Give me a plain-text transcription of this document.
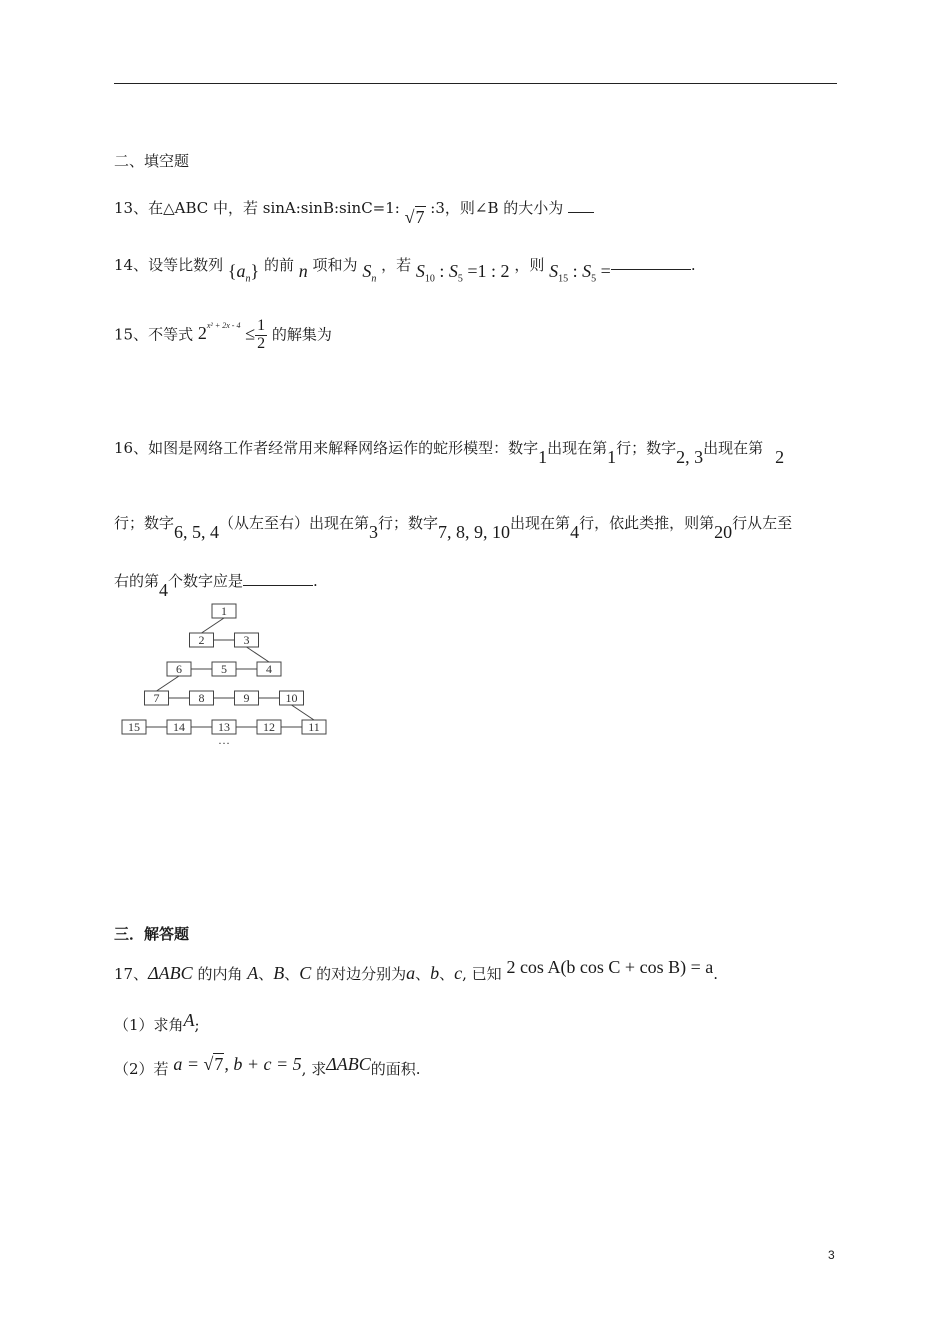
二、填空题
13、在△ABC 中，若 sinA:sinB:sinC=1: √7 :3，则∠B 的大小为
14、设等比数列 $\{a_n\}$ 的前 n 项和为 $S_n$ ，若 $S_{10}$ : $S_5 =1$ : 2 ，则 $S_{15}$ : $S_5$ =	.
15、不等式 $2^{x^2 + 2x - 4} \le \frac{1}{2}$ 的解集为
16、如图是网络工作者经常用来解释网络运作的蛇形模型：数字1出现在第1行；数字2, 3出现在第 2
行；数字6, 5, 4（从左至右）出现在第3行；数字7, 8, 9, 10出现在第4行，依此类推，则第20行从左至
右的第4个数字应是	.
1
2	3
4
5
6
7	8	9	10
11
12
13
14
15
…
三．解答题
17、ΔABC 的内角 A、B、C 的对边分别为a、b、c, 已知 2 cos A(b cos C + cos B) = a.
（1）求角A;
（2）若 a = √7, b + c = 5, 求ΔABC的面积.
3
